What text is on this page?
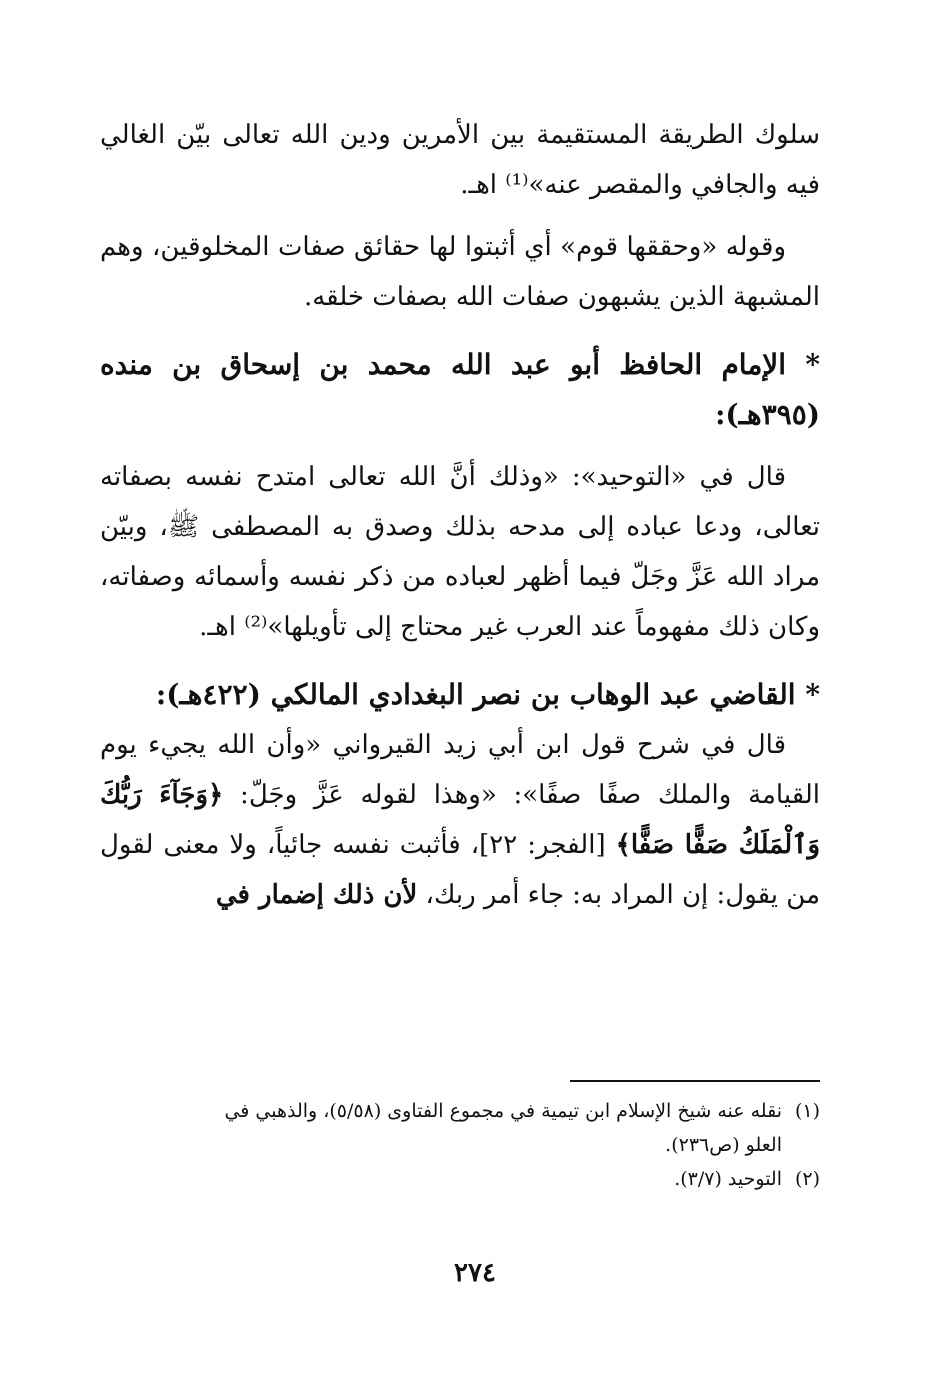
سلوك الطريقة المستقيمة بين الأمرين ودين الله تعالى بيّن الغالي فيه والجافي والمقصر عنه»⁽¹⁾ اهـ.

وقوله «وحققها قوم» أي أثبتوا لها حقائق صفات المخلوقين، وهم المشبهة الذين يشبهون صفات الله بصفات خلقه.

* الإمام الحافظ أبو عبد الله محمد بن إسحاق بن منده (٣٩٥هـ):

قال في «التوحيد»: «وذلك أنَّ الله تعالى امتدح نفسه بصفاته تعالى، ودعا عباده إلى مدحه بذلك وصدق به المصطفى ﷺ، وبيّن مراد الله عَزَّ وجَلّ فيما أظهر لعباده من ذكر نفسه وأسمائه وصفاته، وكان ذلك مفهوماً عند العرب غير محتاج إلى تأويلها»⁽²⁾ اهـ.

* القاضي عبد الوهاب بن نصر البغدادي المالكي (٤٢٢هـ):

قال في شرح قول ابن أبي زيد القيرواني «وأن الله يجيء يوم القيامة والملك صفًا صفًا»: «وهذا لقوله عَزَّ وجَلّ: ﴿وَجَآءَ رَبُّكَ وَٱلْمَلَكُ صَفًّا صَفًّا﴾ [الفجر: ٢٢]، فأثبت نفسه جائياً، ولا معنى لقول من يقول: إن المراد به: جاء أمر ربك، لأن ذلك إضمار في

(١)نقله عنه شيخ الإسلام ابن تيمية في مجموع الفتاوى (٥/٥٨)، والذهبي في

العلو (ص٢٣٦).

(٢)التوحيد (٣/٧).

٢٧٤
